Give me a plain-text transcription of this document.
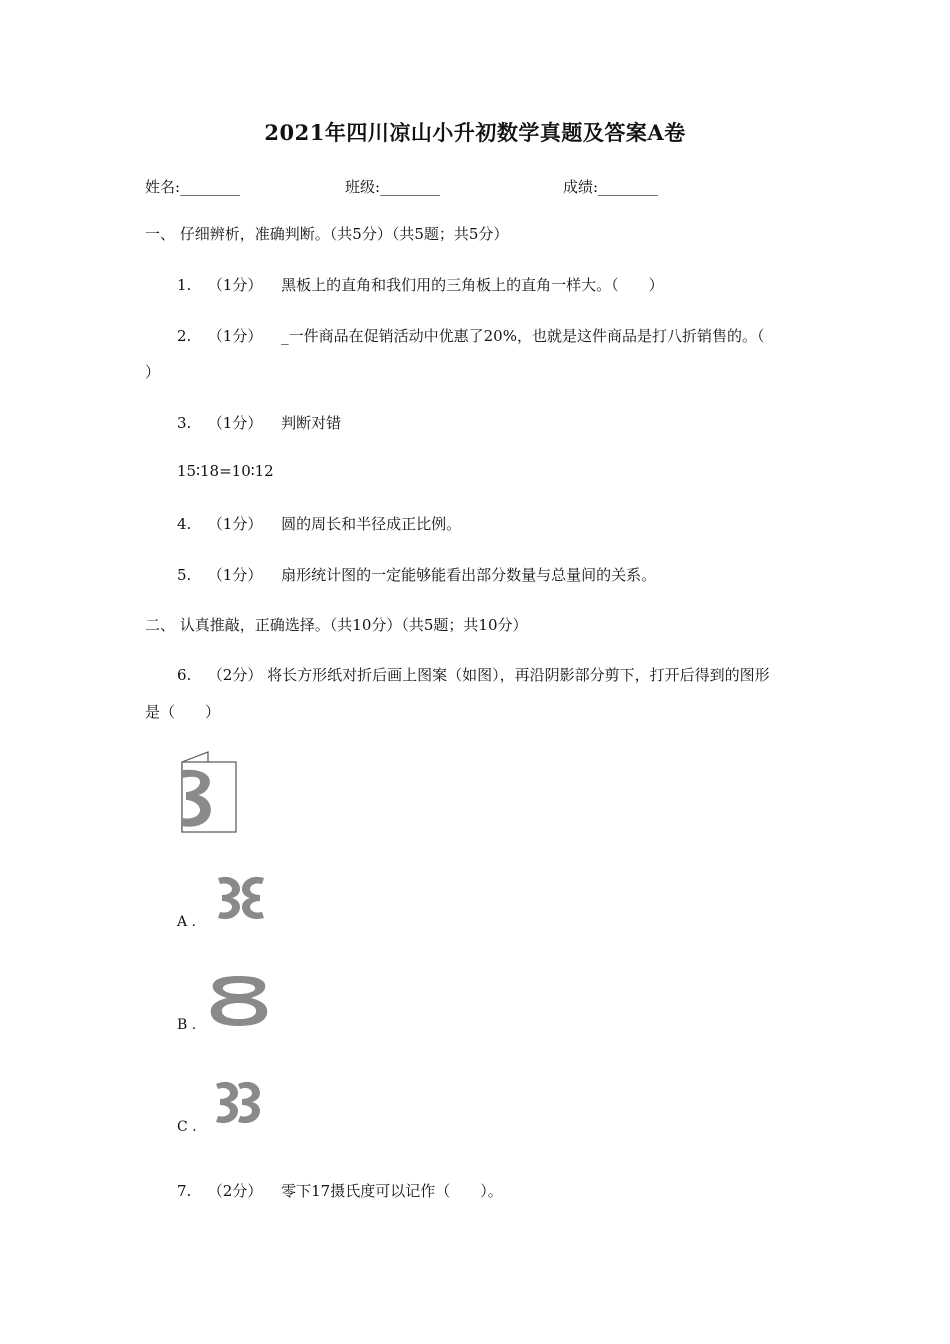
2021年四川凉山小升初数学真题及答案A卷
姓名:________	班级:________	成绩:________
一、 仔细辨析，准确判断。（共5分）（共5题；共5分）
1. （1分） 黑板上的直角和我们用的三角板上的直角一样大。（　　）
2. （1分） _一件商品在促销活动中优惠了20%，也就是这件商品是打八折销售的。（
）
3. （1分） 判断对错
15∶18=10∶12
4. （1分） 圆的周长和半径成正比例。
5. （1分） 扇形统计图的一定能够能看出部分数量与总量间的关系。
二、 认真推敲，正确选择。（共10分）（共5题；共10分）
6. （2分） 将长方形纸对折后画上图案（如图），再沿阴影部分剪下，打开后得到的图形
是（　　）
A .
B .
C .
7. （2分） 零下17摄氏度可以记作（　　）。
